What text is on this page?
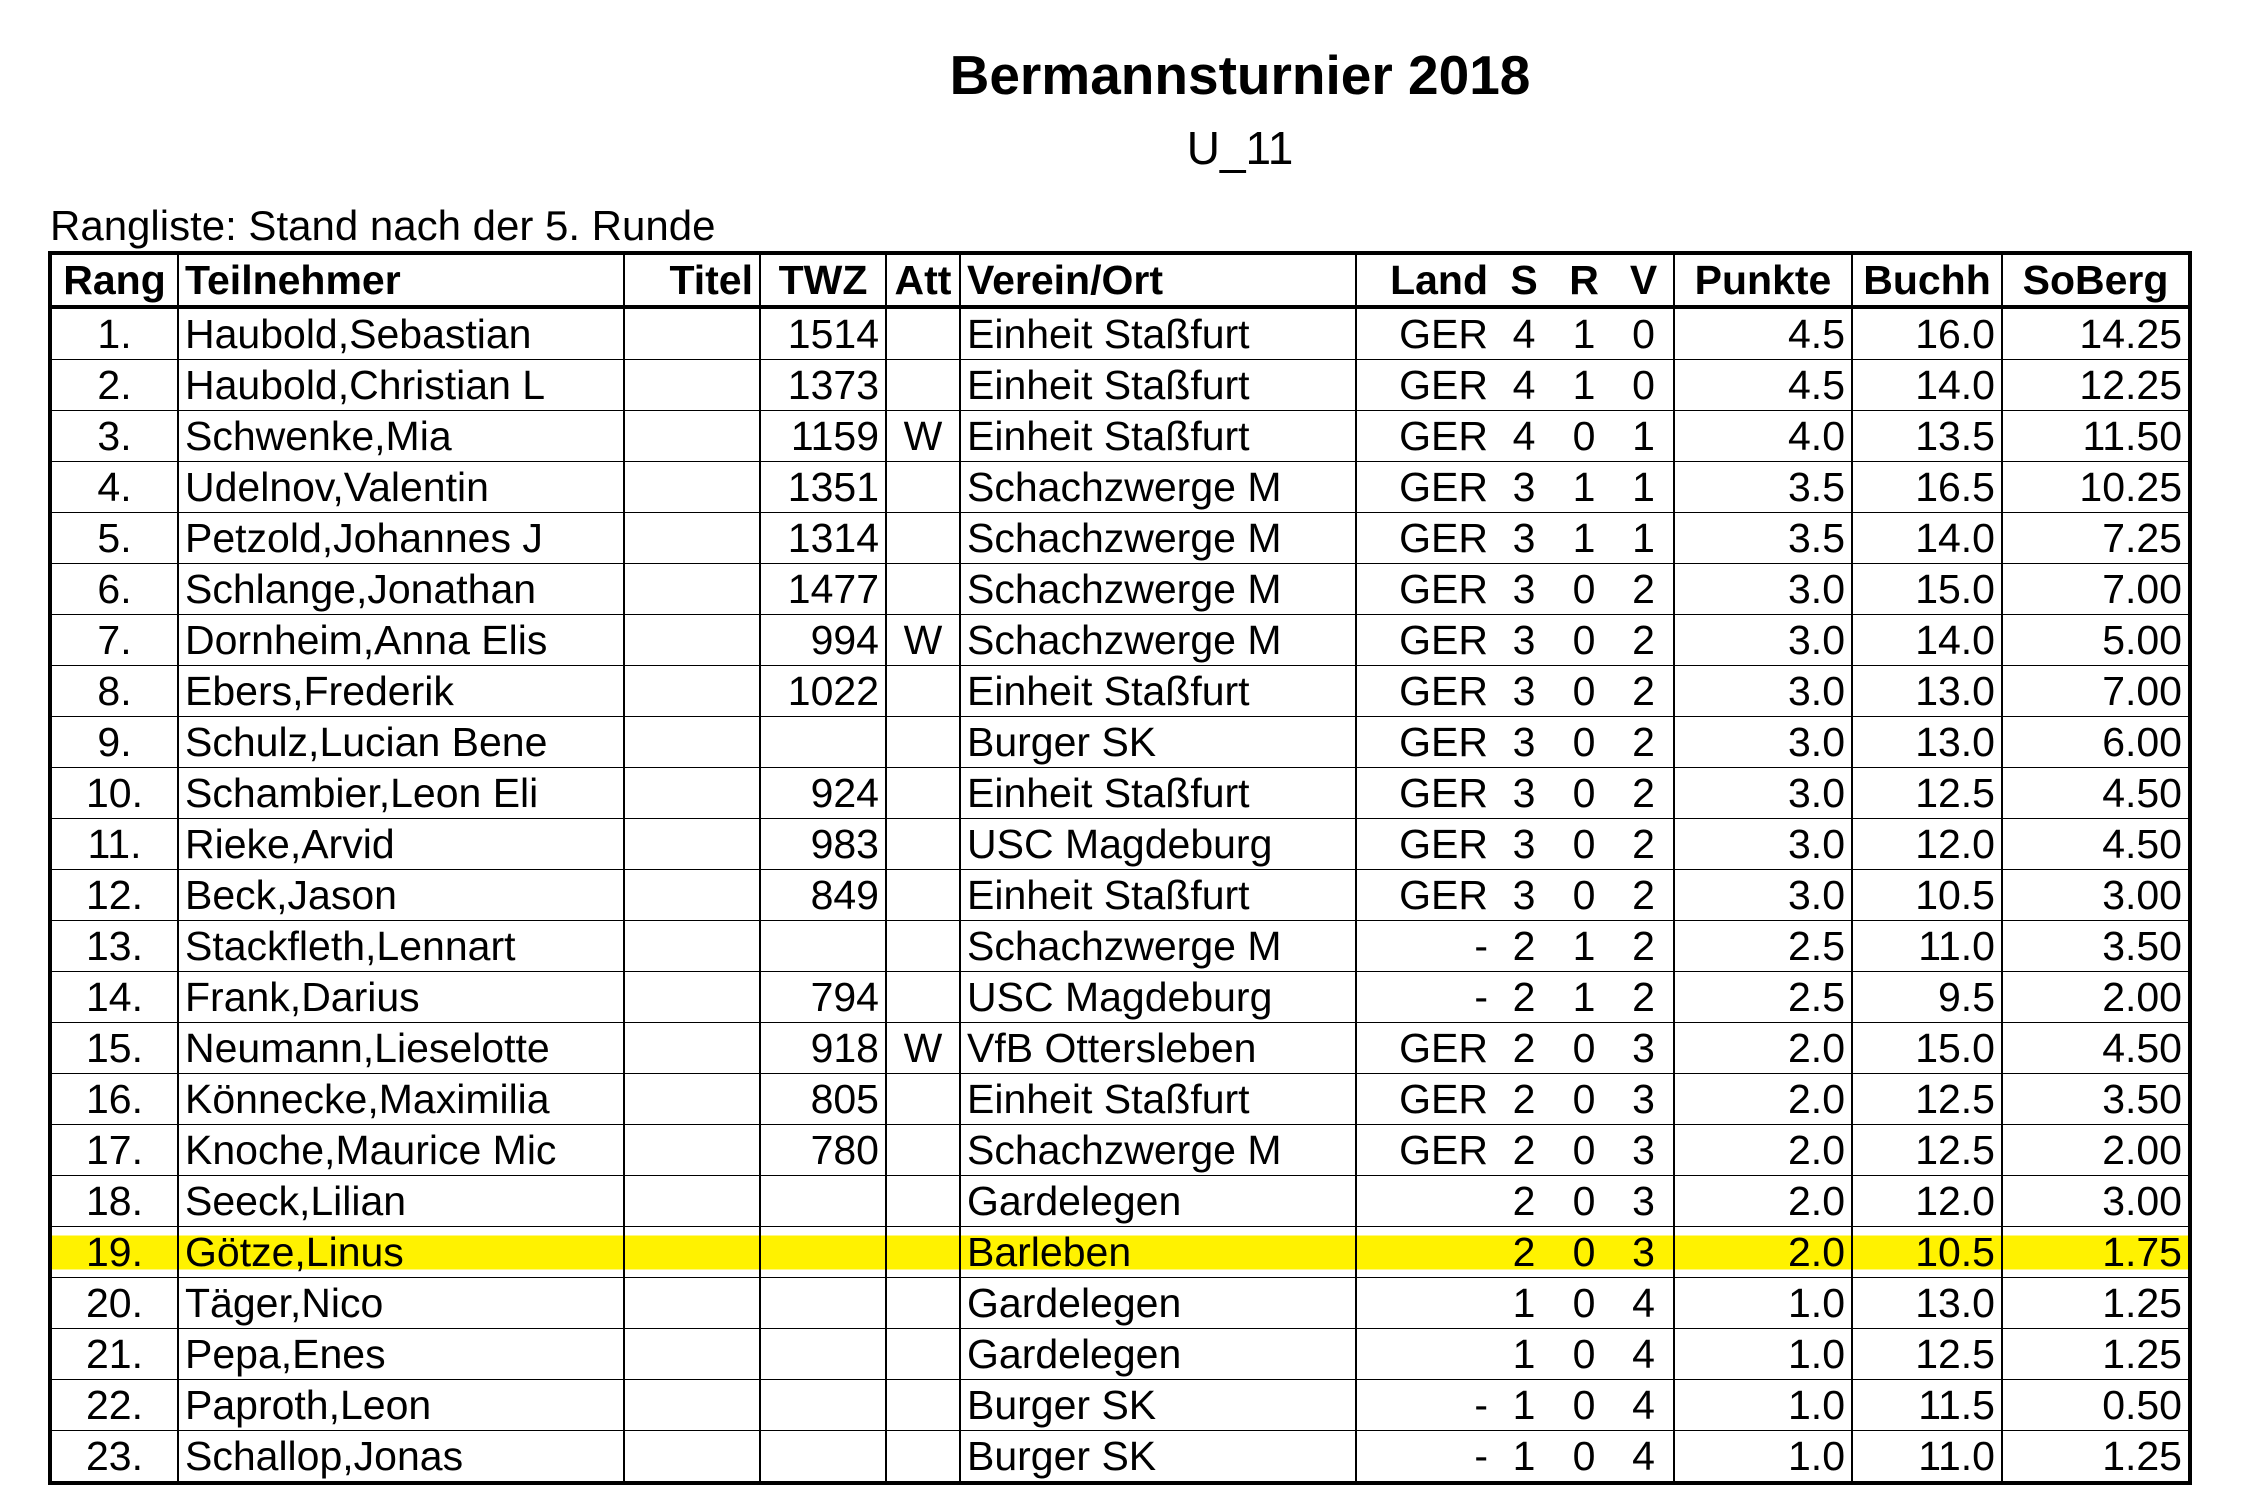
Bermannsturnier 2018
U_11
Rangliste: Stand nach der 5. Runde
Rang	Teilnehmer	Titel	TWZ	Att	Verein/Ort	Land	S	R	V	Punkte	Buchh	SoBerg
1.	Haubold,Sebastian		1514		Einheit Staßfurt	GER	4	1	0	4.5	16.0	14.25
2.	Haubold,Christian L		1373		Einheit Staßfurt	GER	4	1	0	4.5	14.0	12.25
3.	Schwenke,Mia		1159	W	Einheit Staßfurt	GER	4	0	1	4.0	13.5	11.50
4.	Udelnov,Valentin		1351		Schachzwerge M	GER	3	1	1	3.5	16.5	10.25
5.	Petzold,Johannes J		1314		Schachzwerge M	GER	3	1	1	3.5	14.0	7.25
6.	Schlange,Jonathan		1477		Schachzwerge M	GER	3	0	2	3.0	15.0	7.00
7.	Dornheim,Anna Elis		994	W	Schachzwerge M	GER	3	0	2	3.0	14.0	5.00
8.	Ebers,Frederik		1022		Einheit Staßfurt	GER	3	0	2	3.0	13.0	7.00
9.	Schulz,Lucian Bene				Burger SK	GER	3	0	2	3.0	13.0	6.00
10.	Schambier,Leon Eli		924		Einheit Staßfurt	GER	3	0	2	3.0	12.5	4.50
11.	Rieke,Arvid		983		USC Magdeburg	GER	3	0	2	3.0	12.0	4.50
12.	Beck,Jason		849		Einheit Staßfurt	GER	3	0	2	3.0	10.5	3.00
13.	Stackfleth,Lennart				Schachzwerge M	-	2	1	2	2.5	11.0	3.50
14.	Frank,Darius		794		USC Magdeburg	-	2	1	2	2.5	9.5	2.00
15.	Neumann,Lieselotte		918	W	VfB Ottersleben	GER	2	0	3	2.0	15.0	4.50
16.	Könnecke,Maximilia		805		Einheit Staßfurt	GER	2	0	3	2.0	12.5	3.50
17.	Knoche,Maurice Mic		780		Schachzwerge M	GER	2	0	3	2.0	12.5	2.00
18.	Seeck,Lilian				Gardelegen		2	0	3	2.0	12.0	3.00
19.	Götze,Linus				Barleben		2	0	3	2.0	10.5	1.75
20.	Täger,Nico				Gardelegen		1	0	4	1.0	13.0	1.25
21.	Pepa,Enes				Gardelegen		1	0	4	1.0	12.5	1.25
22.	Paproth,Leon				Burger SK	-	1	0	4	1.0	11.5	0.50
23.	Schallop,Jonas				Burger SK	-	1	0	4	1.0	11.0	1.25
